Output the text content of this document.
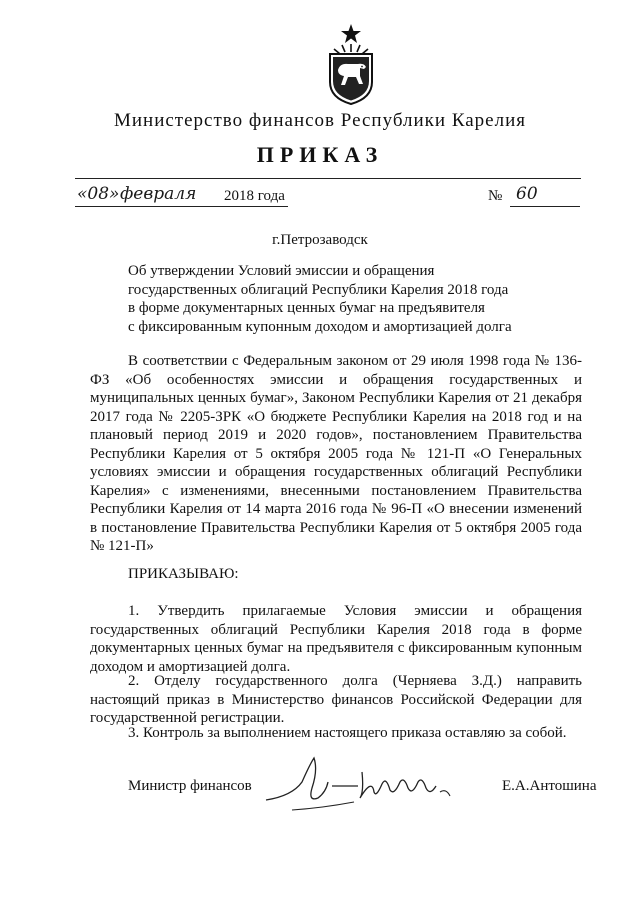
Министерство финансов Республики Карелия
ПРИКАЗ
«08» февраля 2018 года	№ 60
г.Петрозаводск
Об утверждении Условий эмиссии и обращения
государственных облигаций Республики Карелия 2018 года
в форме документарных ценных бумаг на предъявителя
с фиксированным купонным доходом и амортизацией долга
В соответствии с Федеральным законом от 29 июля 1998 года № 136-ФЗ «Об особенностях эмиссии и обращения государственных и муниципальных ценных бумаг», Законом Республики Карелия от 21 декабря 2017 года № 2205-ЗРК «О бюджете Республики Карелия на 2018 год и на плановый период 2019 и 2020 годов», постановлением Правительства Республики Карелия от 5 октября 2005 года № 121-П «О Генеральных условиях эмиссии и обращения государственных облигаций Республики Карелия» с изменениями, внесенными постановлением Правительства Республики Карелия от 14 марта 2016 года № 96-П «О внесении изменений в постановление Правительства Республики Карелия от 5 октября 2005 года № 121-П»
ПРИКАЗЫВАЮ:
1. Утвердить прилагаемые Условия эмиссии и обращения государственных облигаций Республики Карелия 2018 года в форме документарных ценных бумаг на предъявителя с фиксированным купонным доходом и амортизацией долга.
2. Отделу государственного долга (Черняева З.Д.) направить настоящий приказ в Министерство финансов Российской Федерации для государственной регистрации.
3. Контроль за выполнением настоящего приказа оставляю за собой.
Министр финансов	Е.А.Антошина
